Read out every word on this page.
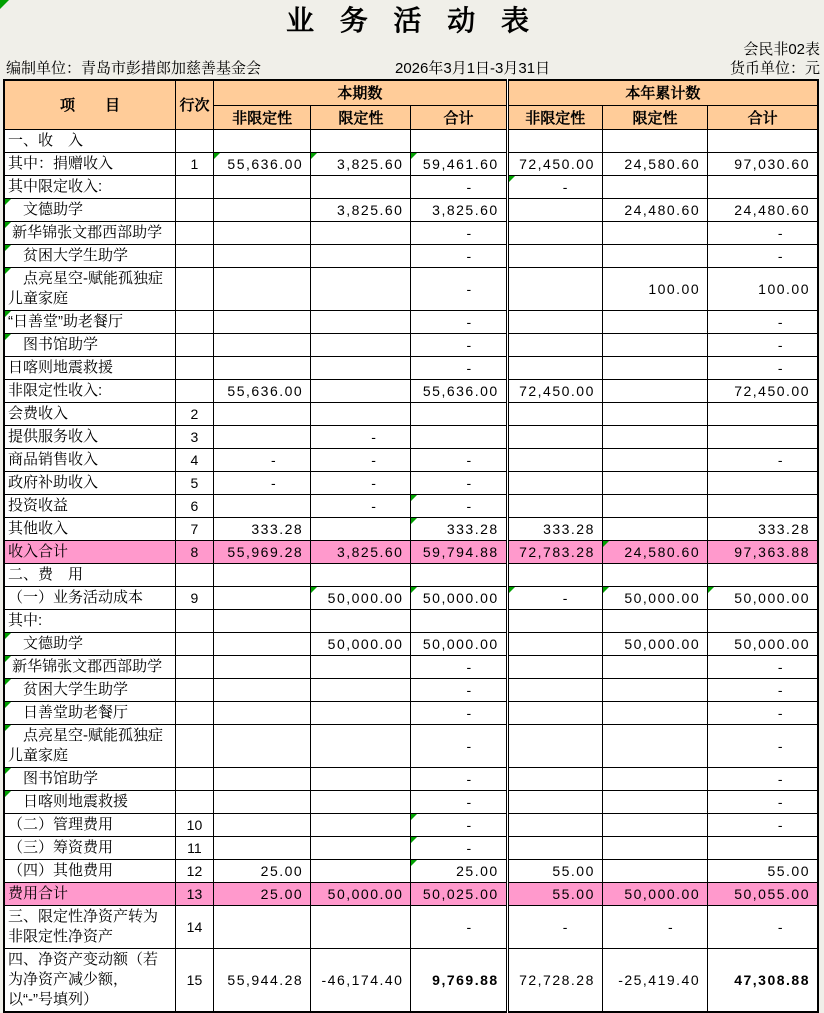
业 务 活 动 表
会民非02表
编制单位：青岛市彭措郎加慈善基金会	2026年3月1日-3月31日	货币单位：元
项　　目	行次	本期数			本年累计数		
		非限定性	限定性	合计	非限定性	限定性	合计
一、收　入							
其中：捐赠收入	1	55,636.00	3,825.60	59,461.60	72,450.00	24,580.60	97,030.60
其中限定收入:				-	-

　文德助学			3,825.60	3,825.60		24,480.60	24,480.60
新华锦张文郡西部助学				-			-
　贫困大学生助学				-			-
　点亮星空-赋能孤独症儿童家庭				-		100.00	100.00
“日善堂”助老餐厅				-			-
　图书馆助学				-			-
日喀则地震救援				-			-
非限定性收入:		55,636.00		55,636.00	72,450.00		72,450.00
会费收入	2						
提供服务收入	3		-				
商品销售收入	4	-	-	-			-
政府补助收入	5	-	-	-			
投资收益	6		-	-

其他收入	7	333.28		333.28	333.28		333.28
收入合计	8	55,969.28	3,825.60	59,794.88	72,783.28	24,580.60	97,363.88
二、费　用							
（一）业务活动成本	9		50,000.00	50,000.00	-	50,000.00	50,000.00

其中:							
　文德助学			50,000.00	50,000.00		50,000.00	50,000.00
新华锦张文郡西部助学				-			-
　贫困大学生助学				-			-
　日善堂助老餐厅				-			-
　点亮星空-赋能孤独症儿童家庭				-			-
　图书馆助学				-			-
　日喀则地震救援				-			-
（二）管理费用	10			-			-
（三）筹资费用	11			-

（四）其他费用	12	25.00		25.00	55.00		55.00
费用合计	13	25.00	50,000.00	50,025.00	55.00	50,000.00	50,055.00
三、限定性净资产转为非限定性净资产	14			-	-	-	-
四、净资产变动额（若为净资产减少额，以“-”号填列）	15	55,944.28	-46,174.40	9,769.88	72,728.28	-25,419.40	47,308.88
